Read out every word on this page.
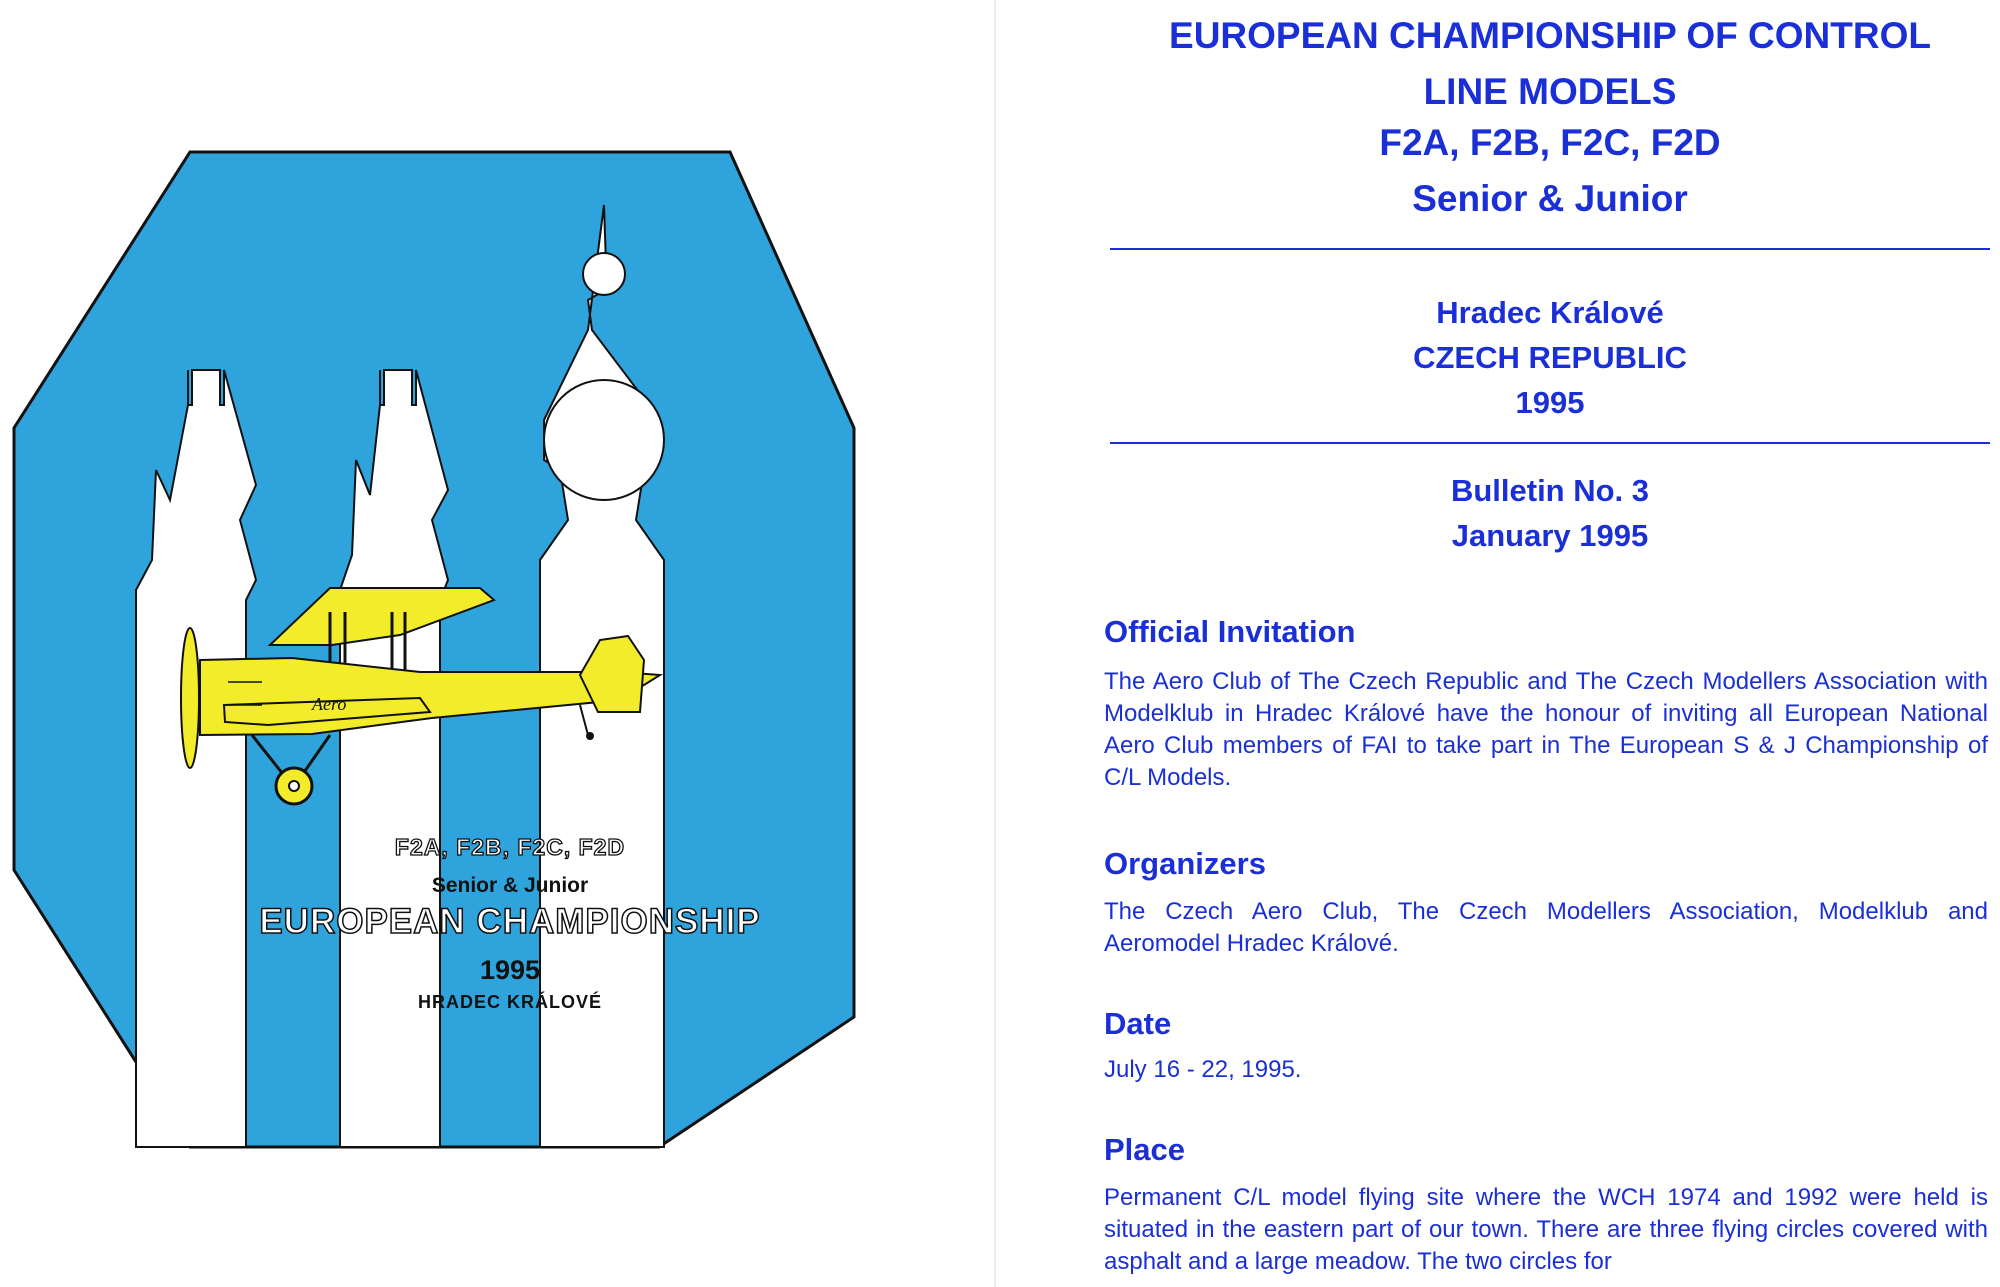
Aero
F2A, F2B, F2C, F2D
Senior & Junior
EUROPEAN CHAMPIONSHIP
1995
HRADEC KRÁLOVÉ
EUROPEAN CHAMPIONSHIP OF CONTROL
LINE MODELS
F2A, F2B, F2C, F2D
Senior & Junior
Hradec Králové
CZECH REPUBLIC
1995
Bulletin No. 3
January 1995
Official Invitation
The Aero Club of The Czech Republic and The Czech Modellers Association with Modelklub in Hradec Králové have the honour of inviting all European National Aero Club members of FAI to take part in The European S & J Championship of C/L Models.
Organizers
The Czech Aero Club, The Czech Modellers Association, Modelklub and Aeromodel Hradec Králové.
Date
July 16 - 22, 1995.
Place
Permanent C/L model flying site where the WCH 1974 and 1992 were held is situated in the eastern part of our town. There are three flying circles covered with asphalt and a large meadow. The two circles for
